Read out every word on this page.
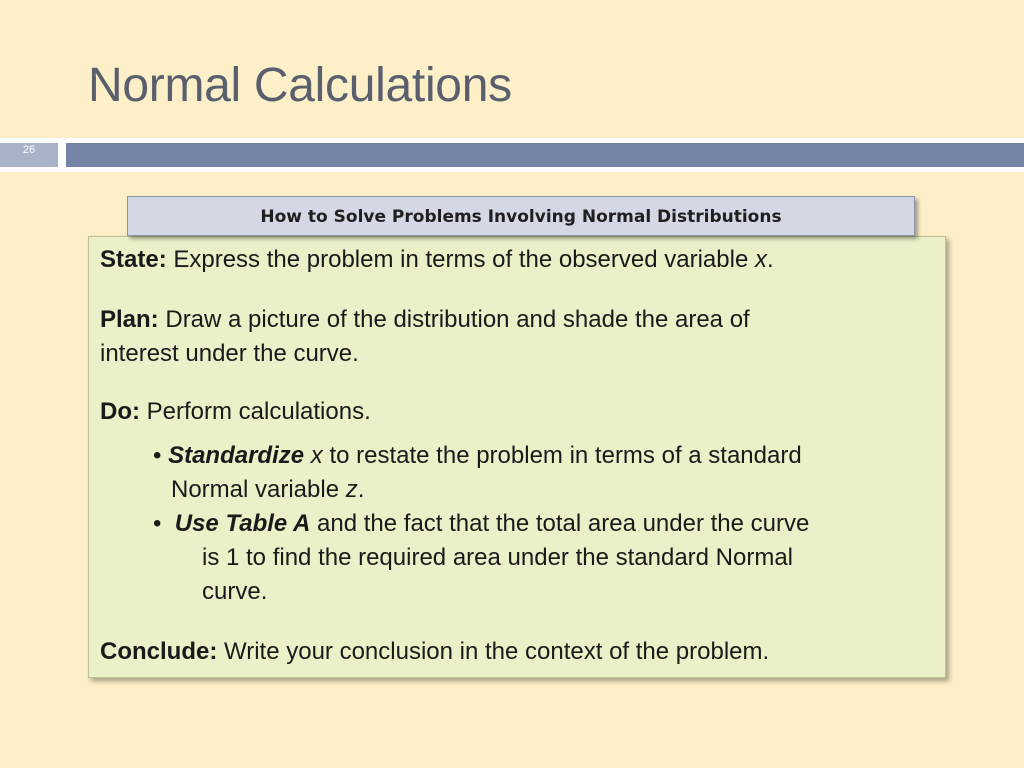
Normal Calculations
26
How to Solve Problems Involving Normal Distributions

State: Express the problem in terms of the observed variable x.

Plan: Draw a picture of the distribution and shade the area of

interest under the curve.

Do: Perform calculations.

• Standardize x to restate the problem in terms of a standard

Normal variable z.

• Use Table A and the fact that the total area under the curve

is 1 to find the required area under the standard Normal

curve.

Conclude: Write your conclusion in the context of the problem.
